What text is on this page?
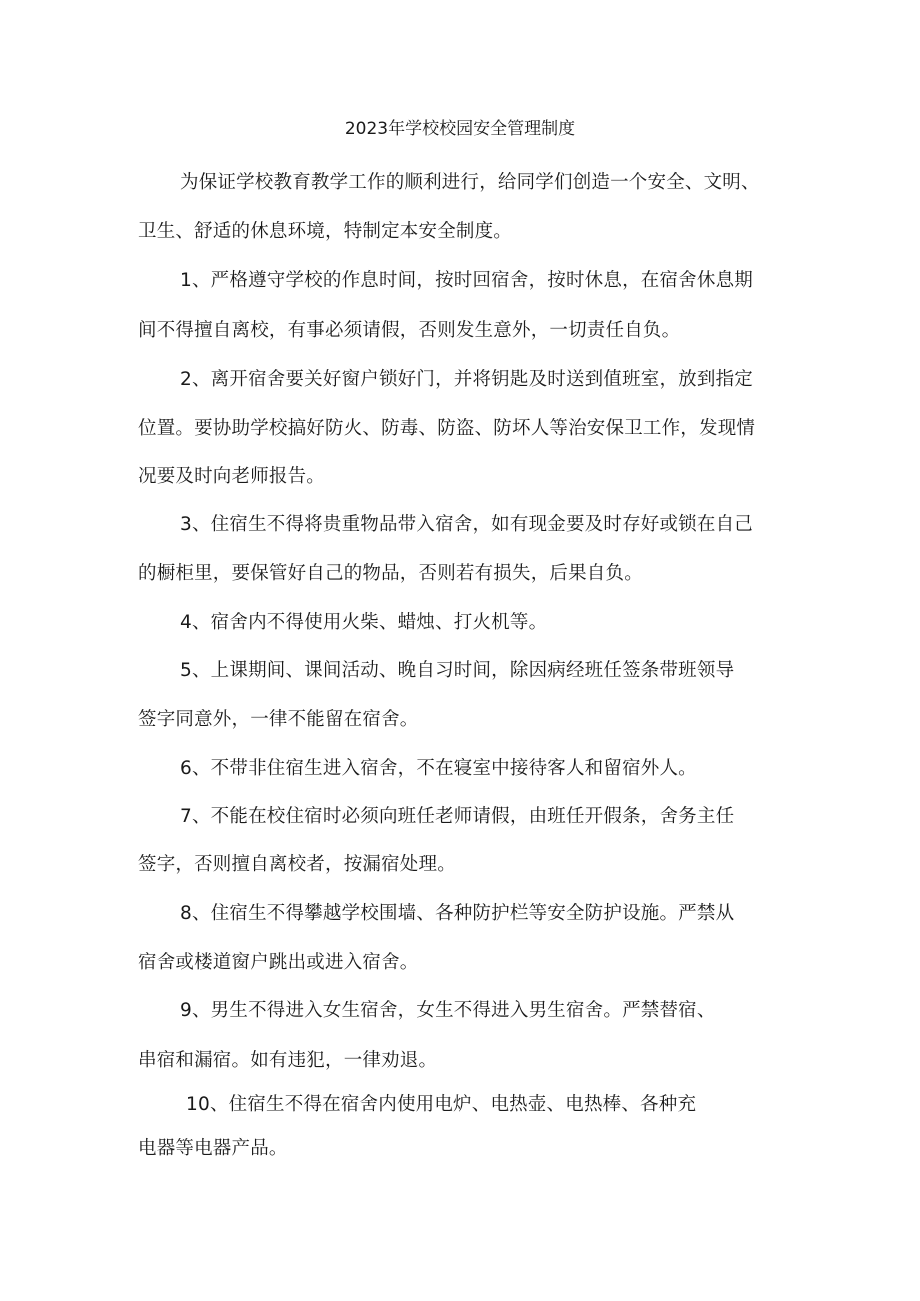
2023年学校校园安全管理制度
为保证学校教育教学工作的顺利进行，给同学们创造一个安全、文明、
卫生、舒适的休息环境，特制定本安全制度。
1、严格遵守学校的作息时间，按时回宿舍，按时休息，在宿舍休息期
间不得擅自离校，有事必须请假，否则发生意外，一切责任自负。
2、离开宿舍要关好窗户锁好门，并将钥匙及时送到值班室，放到指定
位置。要协助学校搞好防火、防毒、防盗、防坏人等治安保卫工作，发现情
况要及时向老师报告。
3、住宿生不得将贵重物品带入宿舍，如有现金要及时存好或锁在自己
的橱柜里，要保管好自己的物品，否则若有损失，后果自负。
4、宿舍内不得使用火柴、蜡烛、打火机等。
5、上课期间、课间活动、晚自习时间，除因病经班任签条带班领导
签字同意外，一律不能留在宿舍。
6、不带非住宿生进入宿舍，不在寝室中接待客人和留宿外人。
7、不能在校住宿时必须向班任老师请假，由班任开假条，舍务主任
签字，否则擅自离校者，按漏宿处理。
8、住宿生不得攀越学校围墙、各种防护栏等安全防护设施。严禁从
宿舍或楼道窗户跳出或进入宿舍。
9、男生不得进入女生宿舍，女生不得进入男生宿舍。严禁替宿、
串宿和漏宿。如有违犯，一律劝退。
10、住宿生不得在宿舍内使用电炉、电热壶、电热棒、各种充
电器等电器产品。
